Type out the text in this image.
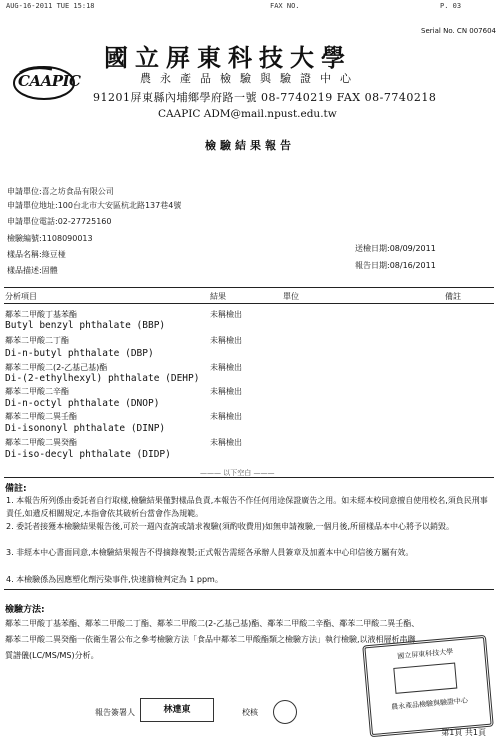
AUG-16-2011 TUE 15:18	FAX NO.	P. 03
Serial No. CN 007604
CAAPIC
國立屏東科技大學
農永產品檢驗與驗證中心
91201屏東縣內埔鄉學府路一號 08-7740219 FAX 08-7740218
CAAPIC ADM@mail.npust.edu.tw
檢驗結果報告
申請單位:喜之坊食品有限公司
申請單位地址:100台北市大安區杭北路137巷4號
申請單位電話:02-27725160
檢驗編號:1108090013
樣品名稱:綠豆椪
樣品描述:固體
送檢日期:08/09/2011
報告日期:08/16/2011
分析項目	結果	單位	備註
鄰苯二甲酸丁基苯酯
Butyl benzyl phthalate (BBP)
未稱檢出
鄰苯二甲酸二丁酯
Di-n-butyl phthalate (DBP)
未稱檢出
鄰苯二甲酸二(2-乙基己基)酯
Di-(2-ethylhexyl) phthalate (DEHP)
未稱檢出
鄰苯二甲酸二辛酯
Di-n-octyl phthalate (DNOP)
未稱檢出
鄰苯二甲酸二異壬酯
Di-isononyl phthalate (DINP)
未稱檢出
鄰苯二甲酸二異癸酯
Di-iso-decyl phthalate (DIDP)
未稱檢出
——— 以下空白 ———
備註:
1. 本報告所列係由委託者自行取樣,檢驗結果僅對樣品負責,本報告不作任何用途保證廣告之用。如未經本校同意擅自使用校名,須負民刑事責任,如遺反相關規定,本指會依其破析台當會作為規範。
2. 委託者接獲本檢驗結果報告後,可於一週內查詢或請求複驗(須酌收費用)如無申請複驗,一個月後,所留樣品本中心將予以銷毀。
3. 非經本中心書面同意,本檢驗結果報告不得摘錄複製;正式報告需經各承辦人員簽章及加蓋本中心印信後方屬有效。
4. 本檢驗係為因應塑化劑污染事件,快速篩檢判定為 1 ppm。
檢驗方法:
鄰苯二甲酸丁基苯酯、鄰苯二甲酸二丁酯、鄰苯二甲酸二(2-乙基己基)酯、鄰苯二甲酸二辛酯、鄰苯二甲酸二異壬酯、鄰苯二甲酸二異癸酯一依衛生署公布之參考檢驗方法「食品中鄰苯二甲酸酯類之檢驗方法」執行檢驗,以液相層析串聯質譜儀(LC/MS/MS)分析。
報告簽署人	林達東	校核
國立屏東科技大學
農永產品檢驗與驗證中心
第1頁 共1頁
